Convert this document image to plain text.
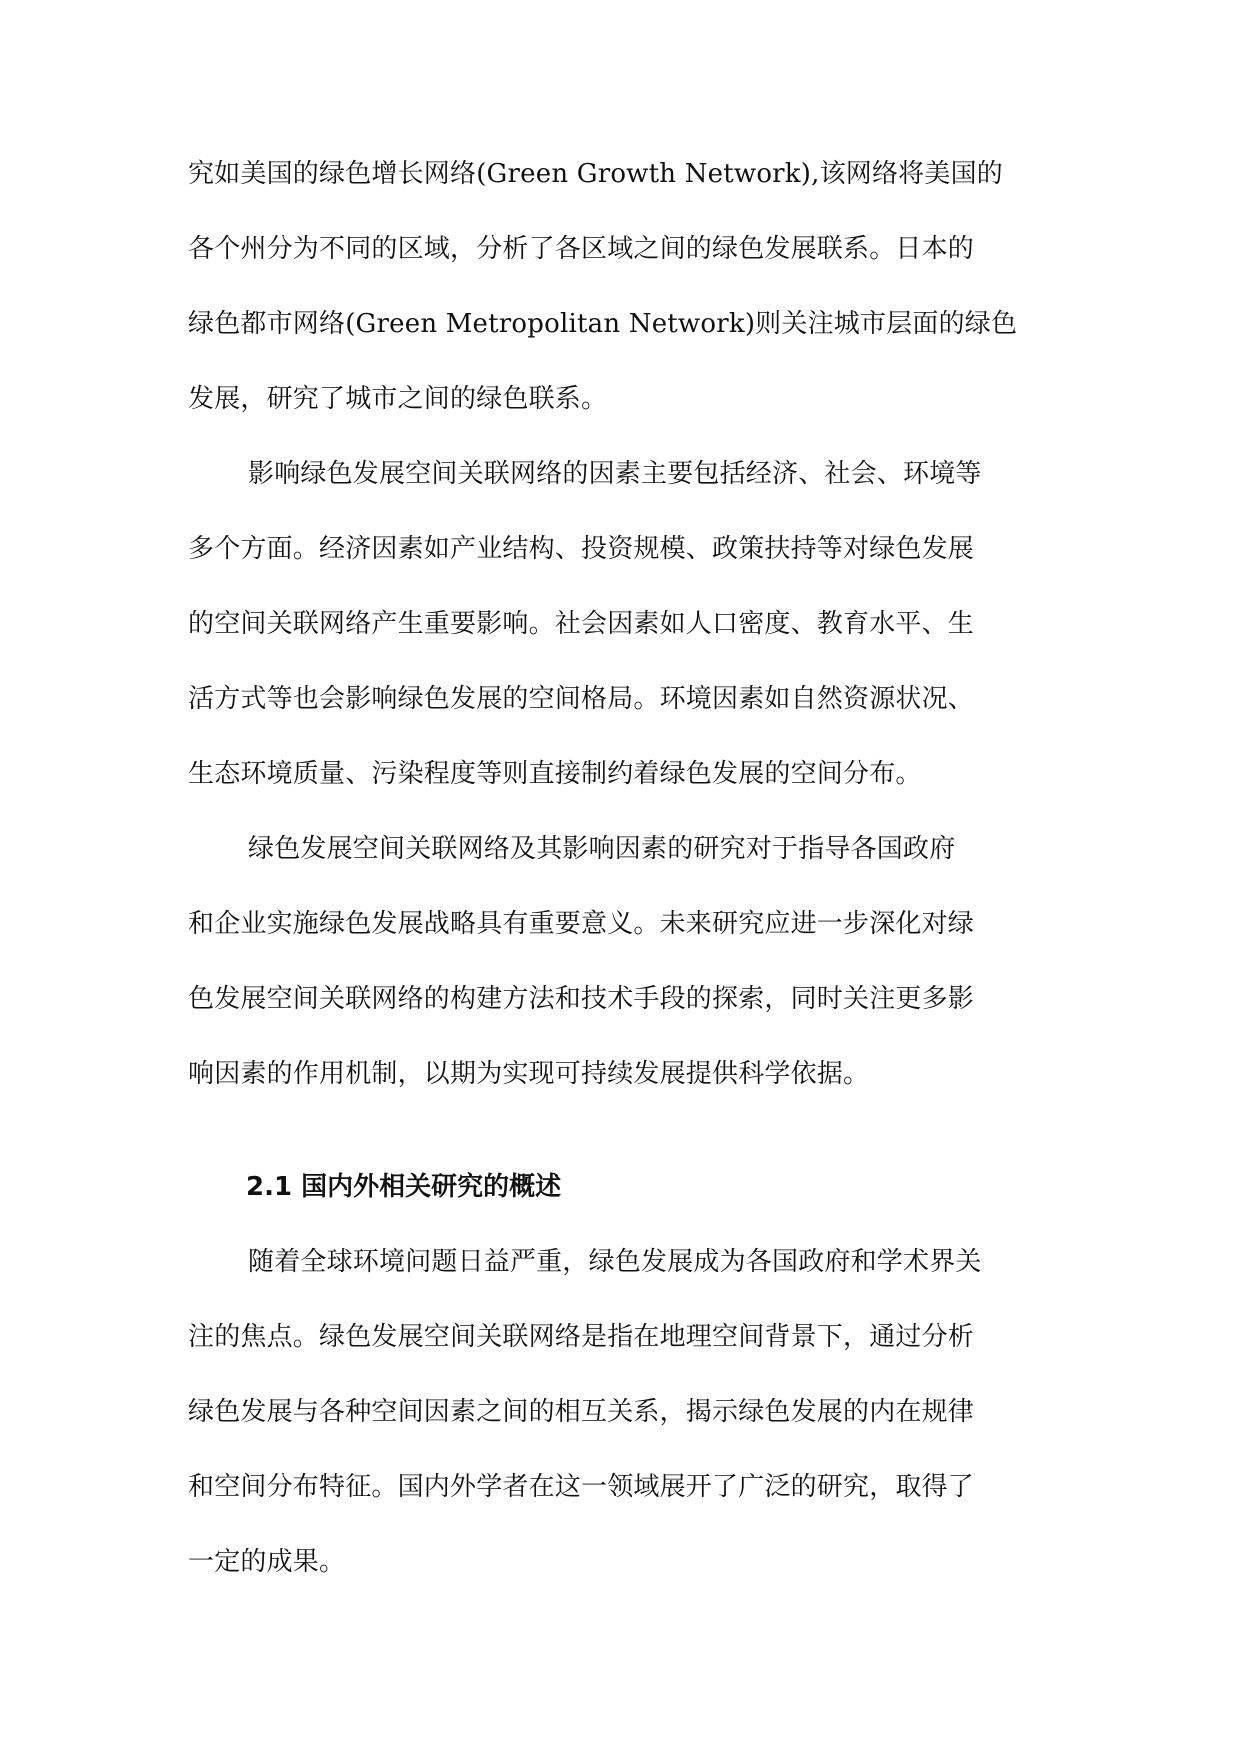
究如美国的绿色增长网络(Green Growth Network),该网络将美国的
各个州分为不同的区域，分析了各区域之间的绿色发展联系。日本的
绿色都市网络(Green Metropolitan Network)则关注城市层面的绿色
发展，研究了城市之间的绿色联系。
影响绿色发展空间关联网络的因素主要包括经济、社会、环境等
多个方面。经济因素如产业结构、投资规模、政策扶持等对绿色发展
的空间关联网络产生重要影响。社会因素如人口密度、教育水平、生
活方式等也会影响绿色发展的空间格局。环境因素如自然资源状况、
生态环境质量、污染程度等则直接制约着绿色发展的空间分布。
绿色发展空间关联网络及其影响因素的研究对于指导各国政府
和企业实施绿色发展战略具有重要意义。未来研究应进一步深化对绿
色发展空间关联网络的构建方法和技术手段的探索，同时关注更多影
响因素的作用机制，以期为实现可持续发展提供科学依据。
2.1 国内外相关研究的概述
随着全球环境问题日益严重，绿色发展成为各国政府和学术界关
注的焦点。绿色发展空间关联网络是指在地理空间背景下，通过分析
绿色发展与各种空间因素之间的相互关系，揭示绿色发展的内在规律
和空间分布特征。国内外学者在这一领域展开了广泛的研究，取得了
一定的成果。
